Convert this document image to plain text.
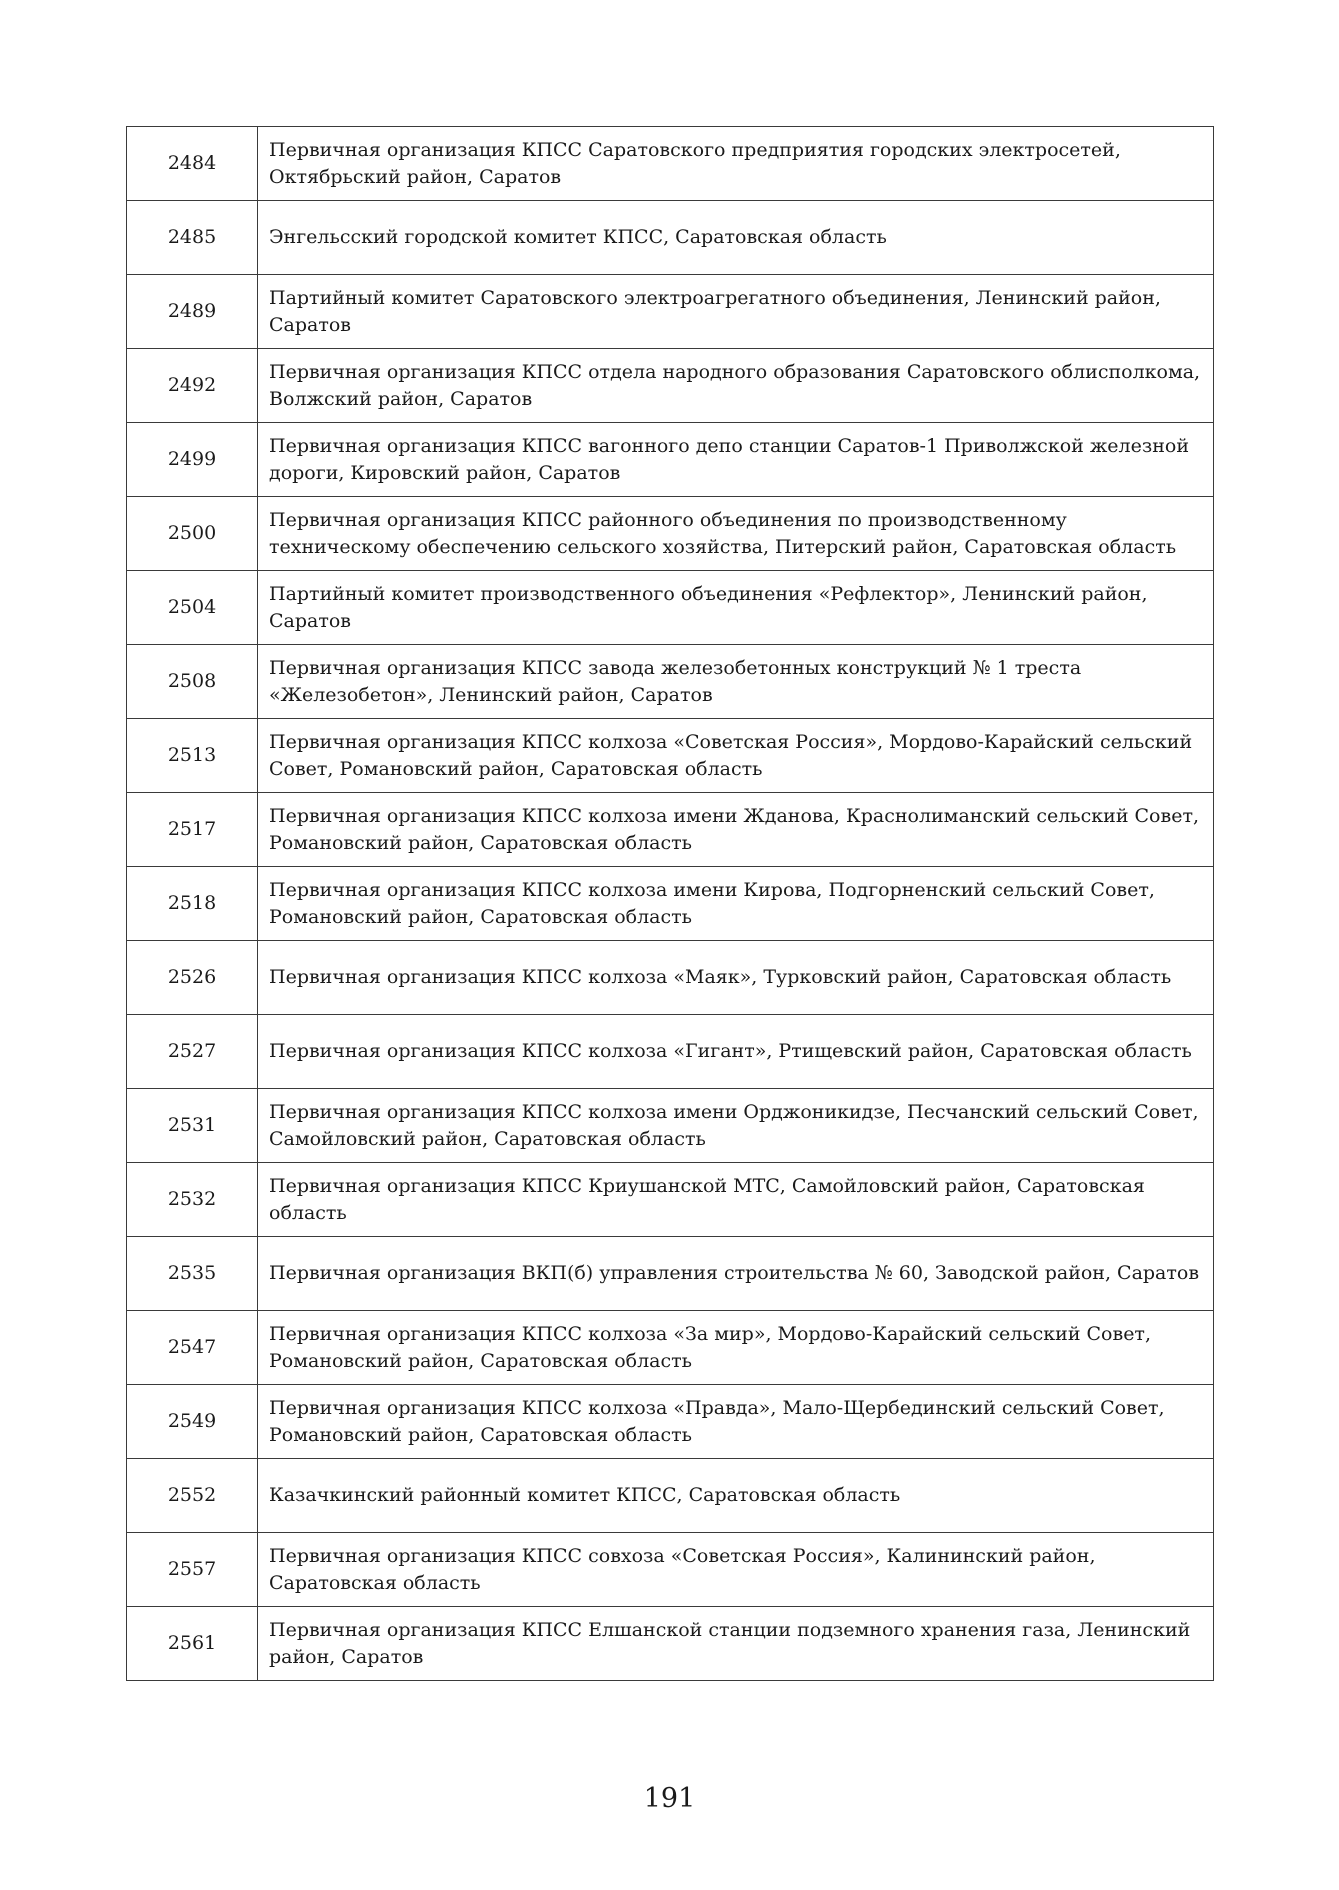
2484	Первичная организация КПСС Саратовского предприятия городских электросетей, Октябрьский район, Саратов
2485	Энгельсский городской комитет КПСС, Саратовская область
2489	Партийный комитет Саратовского электроагрегатного объединения, Ленинский район, Саратов
2492	Первичная организация КПСС отдела народного образования Саратовского облисполкома, Волжский район, Саратов
2499	Первичная организация КПСС вагонного депо станции Саратов-1 Приволжской железной дороги, Кировский район, Саратов
2500	Первичная организация КПСС районного объединения по производственному техническому обеспечению сельского хозяйства, Питерский район, Саратовская область
2504	Партийный комитет производственного объединения «Рефлектор», Ленинский район, Саратов
2508	Первичная организация КПСС завода железобетонных конструкций № 1 треста «Железобетон», Ленинский район, Саратов
2513	Первичная организация КПСС колхоза «Советская Россия», Мордово-Карайский сельский Совет, Романовский район, Саратовская область
2517	Первичная организация КПСС колхоза имени Жданова, Краснолиманский сельский Совет, Романовский район, Саратовская область
2518	Первичная организация КПСС колхоза имени Кирова, Подгорненский сельский Совет, Романовский район, Саратовская область
2526	Первичная организация КПСС колхоза «Маяк», Турковский район, Саратовская область
2527	Первичная организация КПСС колхоза «Гигант», Ртищевский район, Саратовская область
2531	Первичная организация КПСС колхоза имени Орджоникидзе, Песчанский сельский Совет, Самойловский район, Саратовская область
2532	Первичная организация КПСС Криушанской МТС, Самойловский район, Саратовская область
2535	Первичная организация ВКП(б) управления строительства № 60, Заводской район, Саратов
2547	Первичная организация КПСС колхоза «За мир», Мордово-Карайский сельский Совет, Романовский район, Саратовская область
2549	Первичная организация КПСС колхоза «Правда», Мало-Щербединский сельский Совет, Романовский район, Саратовская область
2552	Казачкинский районный комитет КПСС, Саратовская область
2557	Первичная организация КПСС совхоза «Советская Россия», Калининский район, Саратовская область
2561	Первичная организация КПСС Елшанской станции подземного хранения газа, Ленинский район, Саратов
191
